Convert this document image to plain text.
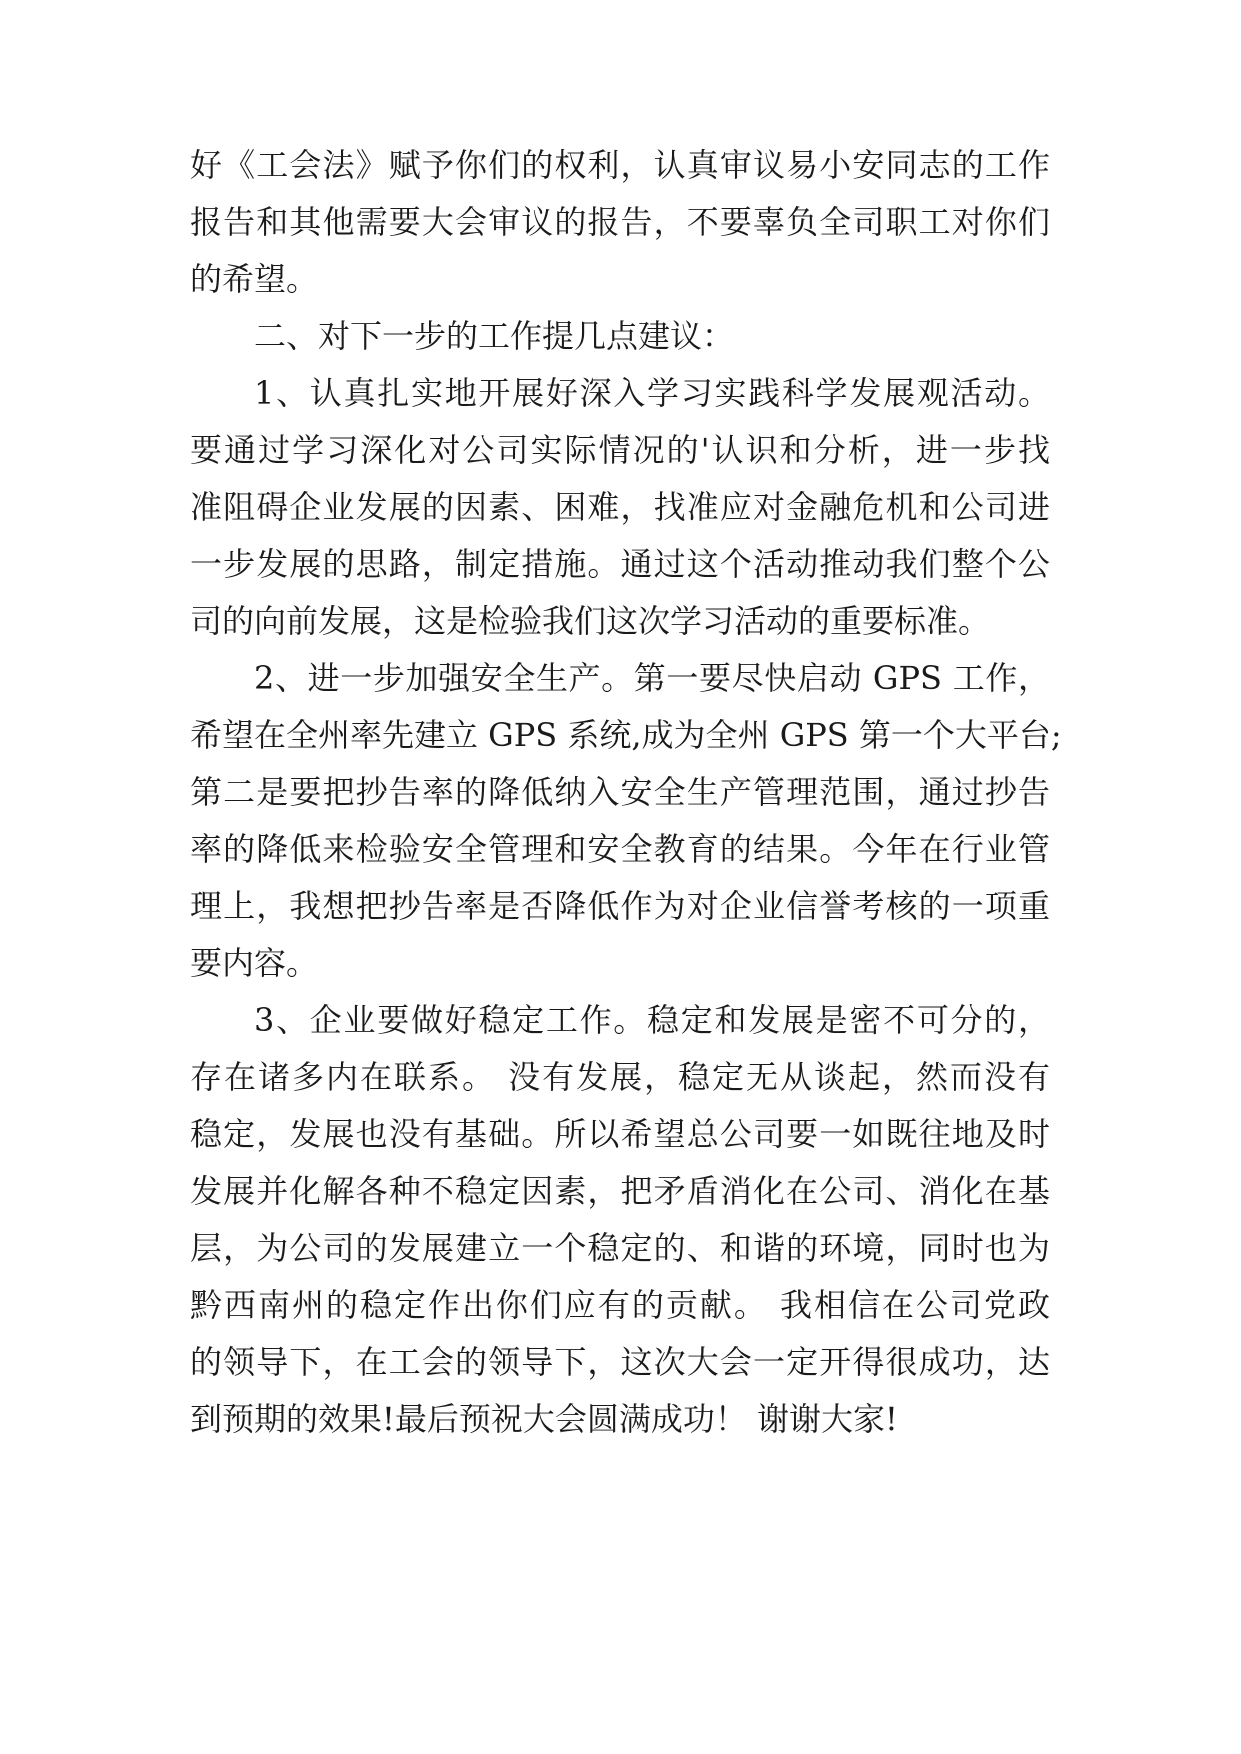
好《工会法》赋予你们的权利，认真审议易小安同志的工作

报告和其他需要大会审议的报告，不要辜负全司职工对你们

的希望。

二、对下一步的工作提几点建议：

1、认真扎实地开展好深入学习实践科学发展观活动。

要通过学习深化对公司实际情况的'认识和分析，进一步找

准阻碍企业发展的因素、困难，找准应对金融危机和公司进

一步发展的思路，制定措施。通过这个活动推动我们整个公

司的向前发展，这是检验我们这次学习活动的重要标准。

2、进一步加强安全生产。第一要尽快启动 GPS 工作，

希望在全州率先建立 GPS 系统,成为全州 GPS 第一个大平台;

第二是要把抄告率的降低纳入安全生产管理范围，通过抄告

率的降低来检验安全管理和安全教育的结果。今年在行业管

理上，我想把抄告率是否降低作为对企业信誉考核的一项重

要内容。

3、企业要做好稳定工作。稳定和发展是密不可分的，

存在诸多内在联系。 没有发展，稳定无从谈起，然而没有

稳定，发展也没有基础。所以希望总公司要一如既往地及时

发展并化解各种不稳定因素，把矛盾消化在公司、消化在基

层，为公司的发展建立一个稳定的、和谐的环境，同时也为

黔西南州的稳定作出你们应有的贡献。 我相信在公司党政

的领导下，在工会的领导下，这次大会一定开得很成功，达

到预期的效果!最后预祝大会圆满成功！ 谢谢大家!
